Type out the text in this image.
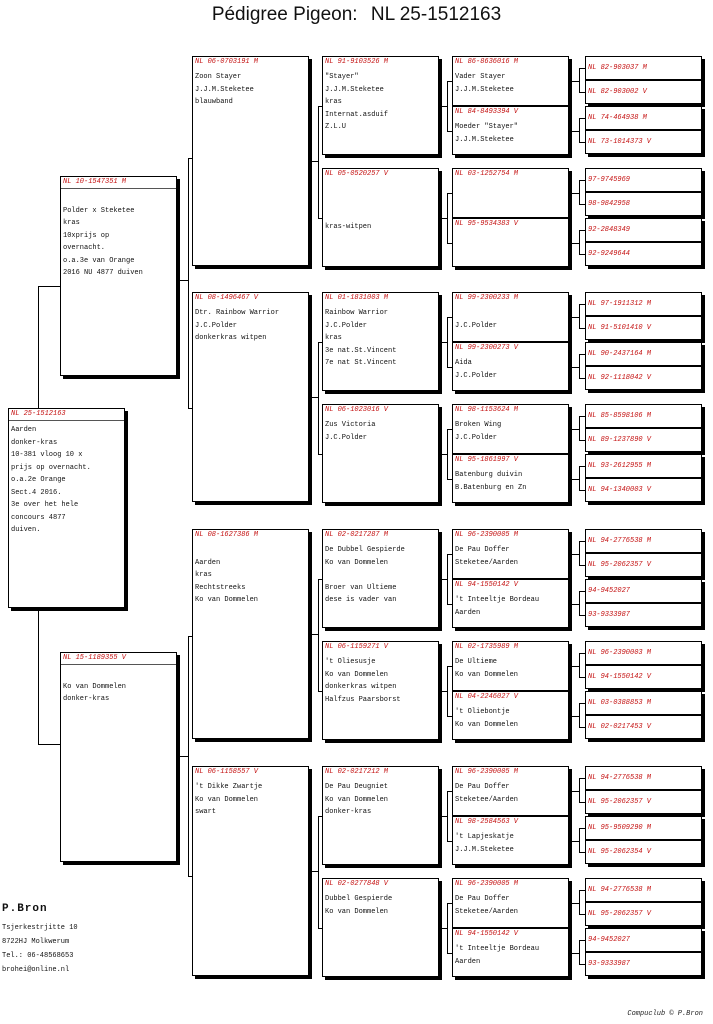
Pédigree Pigeon: NL 25-1512163
NL 25-1512163
Aarden
donker-kras
10-381 vloog 10 x
prijs op overnacht.
o.a.2e Orange
Sect.4 2016.
3e over het hele
concours 4877
duiven.
NL 10-1547351 M
Polder x Steketee
kras
10xprijs op
overnacht.
o.a.3e van Orange
2016 NU 4877 duiven
NL 15-1189355 V
Ko van Dommelen
donker-kras
NL 06-0703191 M
Zoon Stayer
J.J.M.Steketee
blauwband
NL 08-1496467 V
Dtr. Rainbow Warrior
J.C.Polder
donkerkras witpen
NL 08-1627386 M
Aarden
kras
Rechtstreeks
Ko van Dommelen
NL 06-1158557 V
't Dikke Zwartje
Ko van Dommelen
swart
NL 91-9103526 M
"Stayer"
J.J.M.Steketee
kras
Internat.asduif
Z.L.U
NL 05-0520257 V
kras-witpen
NL 01-1831003 M
Rainbow Warrior
J.C.Polder
kras
3e nat.St.Vincent
7e nat St.Vincent
NL 06-1023016 V
Zus Victoria
J.C.Polder
NL 02-0217287 M
De Dubbel Gespierde
Ko van Dommelen
Broer van Ultieme
dese is vader van
NL 06-1159271 V
't Oliesusje
Ko van Dommelen
donkerkras witpen
Halfzus Paarsborst
NL 02-0217212 M
De Pau Deugniet
Ko van Dommelen
donker-kras
NL 02-0277848 V
Dubbel Gespierde
Ko van Dommelen
NL 86-8636016 M
Vader Stayer
J.J.M.Steketee
NL 84-8493394 V
Moeder "Stayer"
J.J.M.Steketee
NL 03-1252754 M
NL 95-9534383 V
NL 99-2300233 M
J.C.Polder
NL 99-2300273 V
Aida
J.C.Polder
NL 98-1153624 M
Broken Wing
J.C.Polder
NL 95-1861997 V
Batenburg duivin
B.Batenburg en Zn
NL 96-2390005 M
De Pau Doffer
Steketee/Aarden
NL 94-1550142 V
't Inteeltje Bordeau
Aarden
NL 02-1735989 M
De Ultieme
Ko van Dommelen
NL 04-2246027 V
't Oliebontje
Ko van Dommelen
NL 96-2390005 M
De Pau Doffer
Steketee/Aarden
NL 98-2584563 V
't Lapjeskatje
J.J.M.Steketee
NL 96-2390005 M
De Pau Doffer
Steketee/Aarden
NL 94-1550142 V
't Inteeltje Bordeau
Aarden
NL 82-903037 M
NL 82-903002 V
NL 74-464938 M
NL 73-1014373 V
97-9745969
98-9842958
92-2848349
92-9249644
NL 97-1911312 M
NL 91-5101410 V
NL 90-2437164 M
NL 92-1118042 V
NL 85-8598106 M
NL 89-1237890 V
NL 93-2612955 M
NL 94-1340003 V
NL 94-2776538 M
NL 95-2062357 V
94-9452027
93-9333987
NL 96-2390003 M
NL 94-1550142 V
NL 03-0388853 M
NL 02-0217453 V
NL 94-2776538 M
NL 95-2062357 V
NL 95-9509290 M
NL 95-2062354 V
NL 94-2776538 M
NL 95-2062357 V
94-9452027
93-9333987
P.Bron
Tsjerkestrjitte 10
8722HJ Molkwerum
Tel.: 06-48568653
brohei@online.nl
Compuclub © P.Bron
